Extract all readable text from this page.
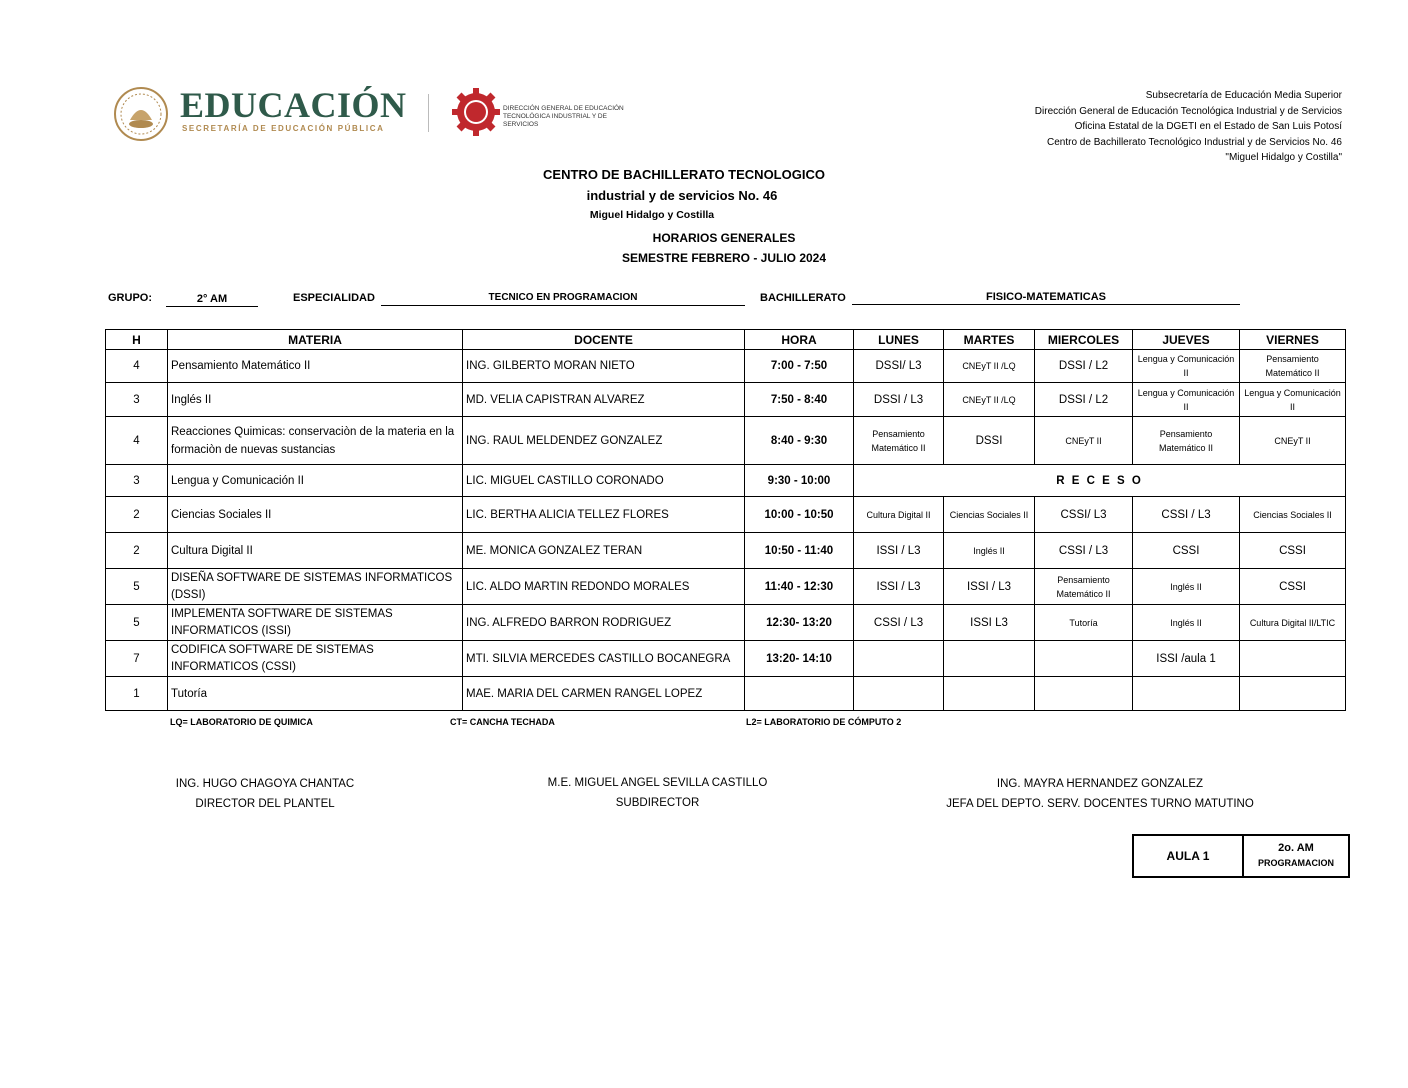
EDUCACIÓN
SECRETARÍA DE EDUCACIÓN PÚBLICA
DIRECCIÓN GENERAL DE EDUCACIÓN
TECNOLÓGICA INDUSTRIAL Y DE SERVICIOS
Subsecretaría de Educación Media Superior
Dirección General de Educación Tecnológica Industrial y de Servicios
Oficina Estatal de la DGETI en el Estado de San Luis Potosí
Centro de Bachillerato Tecnológico Industrial y de Servicios No. 46
"Miguel Hidalgo y Costilla"
CENTRO DE BACHILLERATO TECNOLOGICO
industrial y de servicios No. 46
Miguel Hidalgo y Costilla
HORARIOS GENERALES
SEMESTRE FEBRERO - JULIO 2024
GRUPO:	2° AM	ESPECIALIDAD	TECNICO EN PROGRAMACION	BACHILLERATO	FISICO-MATEMATICAS
H	MATERIA	DOCENTE	HORA	LUNES	MARTES	MIERCOLES	JUEVES	VIERNES
4	Pensamiento Matemático II	ING. GILBERTO MORAN NIETO	7:00 - 7:50	DSSI/ L3	CNEyT II /LQ	DSSI / L2	Lengua y Comunicación II	Pensamiento Matemático II
3	Inglés II	MD. VELIA CAPISTRAN ALVAREZ	7:50 - 8:40	DSSI / L3	CNEyT II /LQ	DSSI / L2	Lengua y Comunicación II	Lengua y Comunicación II
4	Reacciones Quimicas: conservaciòn de la materia en la formaciòn de nuevas sustancias	ING. RAUL MELDENDEZ GONZALEZ	8:40 - 9:30	Pensamiento Matemático II	DSSI	CNEyT II	Pensamiento Matemático II	CNEyT II
3	Lengua y Comunicación II	LIC. MIGUEL CASTILLO CORONADO	9:30 - 10:00	R E C E S O				
2	Ciencias Sociales II	LIC. BERTHA ALICIA TELLEZ FLORES	10:00 - 10:50	Cultura Digital II	Ciencias Sociales II	CSSI/ L3	CSSI / L3	Ciencias Sociales II
2	Cultura Digital II	ME. MONICA GONZALEZ TERAN	10:50 - 11:40	ISSI / L3	Inglés II	CSSI / L3	CSSI	CSSI
5	DISEÑA SOFTWARE DE SISTEMAS INFORMATICOS (DSSI)	LIC. ALDO MARTIN REDONDO MORALES	11:40 - 12:30	ISSI / L3	ISSI / L3	Pensamiento Matemático II	Inglés II	CSSI
5	IMPLEMENTA SOFTWARE DE SISTEMAS INFORMATICOS (ISSI)	ING. ALFREDO BARRON RODRIGUEZ	12:30- 13:20	CSSI / L3	ISSI L3	Tutoría	Inglés II	Cultura Digital II/LTIC
7	CODIFICA SOFTWARE DE SISTEMAS INFORMATICOS (CSSI)	MTI. SILVIA MERCEDES CASTILLO BOCANEGRA	13:20- 14:10				ISSI /aula 1	
1	Tutoría	MAE. MARIA DEL CARMEN RANGEL LOPEZ						
LQ= LABORATORIO DE QUIMICA	CT= CANCHA TECHADA	L2= LABORATORIO DE CÓMPUTO 2
ING. HUGO CHAGOYA CHANTAC
DIRECTOR DEL PLANTEL
M.E. MIGUEL ANGEL SEVILLA CASTILLO
SUBDIRECTOR
ING. MAYRA HERNANDEZ GONZALEZ
JEFA DEL DEPTO. SERV. DOCENTES TURNO MATUTINO
AULA 1	
2o. AM
PROGRAMACION
